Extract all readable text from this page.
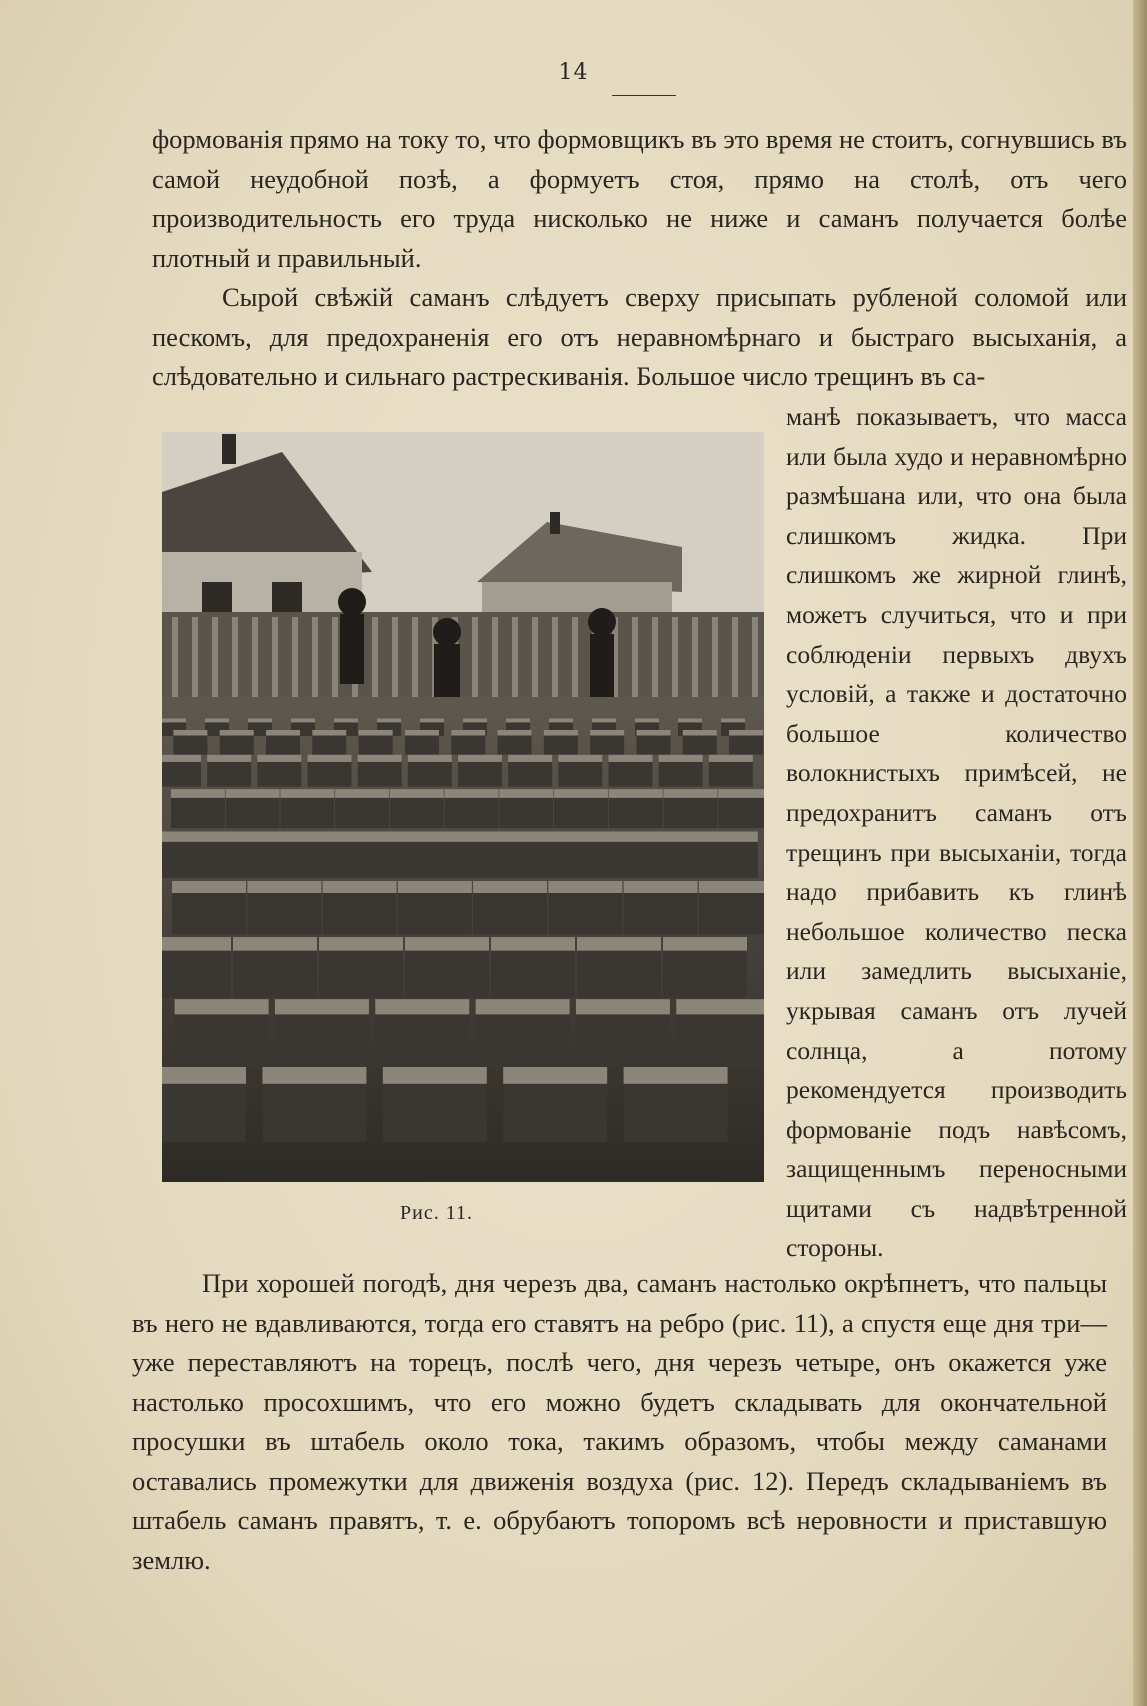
14

формованія прямо на току то, что формовщикъ въ это время не стоитъ, согнувшись въ самой неудобной позѣ, а формуетъ стоя, прямо на столѣ, отъ чего производительность его труда нисколько не ниже и саманъ получается болѣе плотный и правильный.

Сырой свѣжій саманъ слѣдуетъ сверху присыпать рубленой соломой или пескомъ, для предохраненія его отъ неравномѣрнаго и быстраго высыханія, а слѣдовательно и сильнаго растрескиванія. Большое число трещинъ въ са-

Рис. 11.

манѣ показываетъ, что масса или была худо и неравномѣрно размѣшана или, что она была слишкомъ жидка. При слишкомъ же жирной глинѣ, можетъ случиться, что и при соблюденіи первыхъ двухъ условій, а также и достаточно большое количество волокнистыхъ примѣсей, не предохранитъ саманъ отъ трещинъ при высыханіи, тогда надо прибавить къ глинѣ небольшое количество песка или замедлить высыханіе, укрывая саманъ отъ лучей солнца, а потому рекомендуется производить формованіе подъ навѣсомъ, защищеннымъ переносными щитами съ надвѣтренной стороны.

При хорошей погодѣ, дня черезъ два, саманъ настолько окрѣпнетъ, что пальцы въ него не вдавливаются, тогда его ставятъ на ребро (рис. 11), а спустя еще дня три—уже переставляютъ на торецъ, послѣ чего, дня черезъ четыре, онъ окажется уже настолько просохшимъ, что его можно будетъ складывать для окончательной просушки въ штабель около тока, такимъ образомъ, чтобы между саманами оставались промежутки для движенія воздуха (рис. 12). Передъ складываніемъ въ штабель саманъ правятъ, т. е. обрубаютъ топоромъ всѣ неровности и приставшую землю.
